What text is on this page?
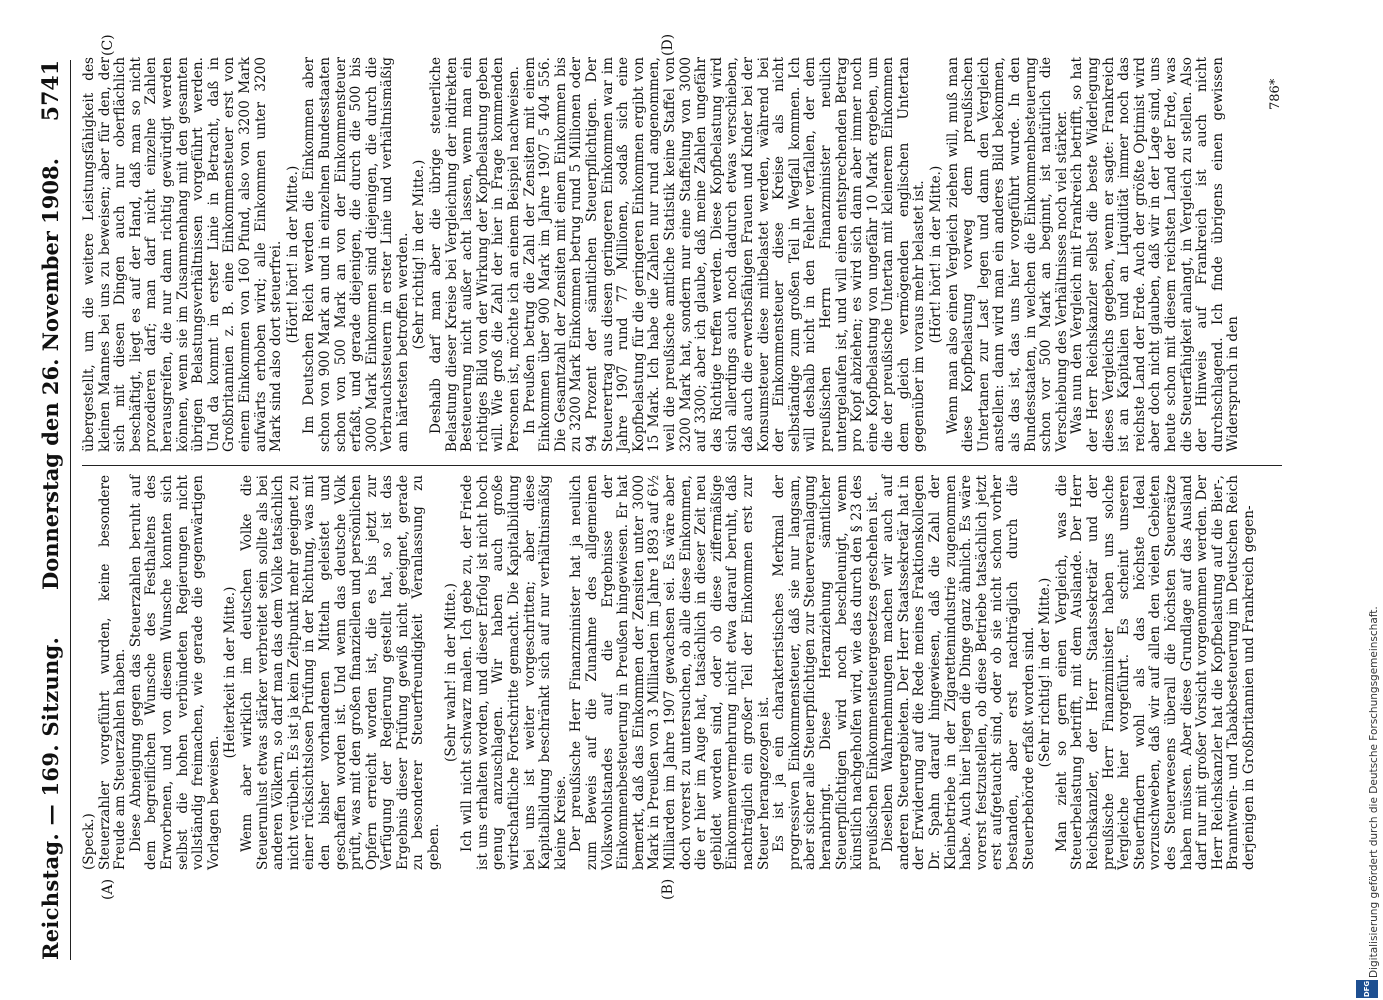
Reichstag. — 169. Sitzung.
Donnerstag den 26. November 1908.
5741
(A)	(B)
(C)	(D)

(Speck.) Steuerzahler vorgeführt wurden, keine besondere Freude am Steuerzahlen haben. Diese Abneigung gegen das Steuerzahlen beruht auf dem begreiflichen Wunsche des Festhaltens des Erworbenen, und von diesem Wunsche konnten sich selbst die hohen verbündeten Regierungen nicht vollständig freimachen, wie gerade die gegenwärtigen Vorlagen beweisen.

(Heiterkeit in der Mitte.) Wenn aber wirklich im deutschen Volke die Steuerunlust etwas stärker verbreitet sein sollte als bei anderen Völkern, so darf man das dem Volke tatsächlich nicht verübeln. Es ist ja kein Zeitpunkt mehr geeignet zu einer rücksichtslosen Prüfung in der Richtung, was mit den bisher vorhandenen Mitteln geleistet und geschaffen worden ist. Und wenn das deutsche Volk prüft, was mit den großen finanziellen und persönlichen Opfern erreicht worden ist, die es bis jetzt zur Verfügung der Regierung gestellt hat, so ist das Ergebnis dieser Prüfung gewiß nicht geeignet, gerade zu besonderer Steuerfreundigkeit Veranlassung zu geben.

(Sehr wahr! in der Mitte.) Ich will nicht schwarz malen. Ich gebe zu, der Friede ist uns erhalten worden, und dieser Erfolg ist nicht hoch genug anzuschlagen. Wir haben auch große wirtschaftliche Fortschritte gemacht. Die Kapitalbildung bei uns ist weiter vorgeschritten; aber diese Kapitalbildung beschränkt sich auf nur verhältnismäßig kleine Kreise. Der preußische Herr Finanzminister hat ja neulich zum Beweis auf die Zunahme des allgemeinen Volkswohlstandes auf die Ergebnisse der Einkommenbesteuerung in Preußen hingewiesen. Er hat bemerkt, daß das Einkommen der Zensiten unter 3000 Mark in Preußen von 3 Milliarden im Jahre 1893 auf 6½ Milliarden im Jahre 1907 gewachsen sei. Es wäre aber doch vorerst zu untersuchen, ob alle diese Einkommen, die er hier im Auge hat, tatsächlich in dieser Zeit neu gebildet worden sind, oder ob diese ziffermäßige Einkommenvermehrung nicht etwa darauf beruht, daß nachträglich ein großer Teil der Einkommen erst zur Steuer herangezogen ist. Es ist ja ein charakteristisches Merkmal der progressiven Einkommensteuer, daß sie nur langsam, aber sicher alle Steuerpflichtigen zur Steuerveranlagung heranbringt. Diese Heranziehung sämtlicher Steuerpflichtigen wird noch beschleunigt, wenn künstlich nachgeholfen wird, wie das durch den § 23 des preußischen Einkommensteuergesetzes geschehen ist. Dieselben Wahrnehmungen machen wir auch auf anderen Steuergebieten. Der Herr Staatssekretär hat in der Erwiderung auf die Rede meines Fraktionskollegen Dr. Spahn darauf hingewiesen, daß die Zahl der Kleinbetriebe in der Zigarettenindustrie zugenommen habe. Auch hier liegen die Dinge ganz ähnlich. Es wäre vorerst festzustellen, ob diese Betriebe tatsächlich jetzt erst aufgetaucht sind, oder ob sie nicht schon vorher bestanden, aber erst nachträglich durch die Steuerbehörde erfaßt worden sind. (Sehr richtig! in der Mitte.) Man zieht so gern einen Vergleich, was die Steuerbelastung betrifft, mit dem Auslande. Der Herr Reichskanzler, der Herr Staatssekretär und der preußische Herr Finanzminister haben uns solche Vergleiche hier vorgeführt. Es scheint unseren Steuerfindern wohl als das höchste Ideal vorzuschweben, daß wir auf allen den vielen Gebieten des Steuerwesens überall die höchsten Steuersätze haben müssen. Aber diese Grundlage auf das Ausland darf nur mit großer Vorsicht vorgenommen werden. Der Herr Reichskanzler hat die Kopfbelastung auf die Bier-, Branntwein- und Tabakbesteuerung im Deutschen Reich derjenigen in Großbritannien und Frankreich gegen-

übergestellt, um die weitere Leistungsfähigkeit des kleinen Mannes bei uns zu beweisen; aber für den, der sich mit diesen Dingen auch nur oberflächlich beschäftigt, liegt es auf der Hand, daß man so nicht prozedieren darf; man darf nicht einzelne Zahlen herausgreifen, die nur dann richtig gewürdigt werden können, wenn sie im Zusammenhang mit den gesamten übrigen Belastungsverhältnissen vorgeführt werden. Und da kommt in erster Linie in Betracht, daß in Großbritannien z. B. eine Einkommensteuer erst von einem Einkommen von 160 Pfund, also von 3200 Mark aufwärts erhoben wird; alle Einkommen unter 3200 Mark sind also dort steuerfrei. (Hört! hört! in der Mitte.) Im Deutschen Reich werden die Einkommen aber schon von 900 Mark an und in einzelnen Bundesstaaten schon von 500 Mark an von der Einkommensteuer erfaßt, und gerade diejenigen, die durch die 500 bis 3000 Mark Einkommen sind diejenigen, die durch die Verbrauchssteuern in erster Linie und verhältnismäßig am härtesten betroffen werden. (Sehr richtig! in der Mitte.) Deshalb darf man aber die übrige steuerliche Belastung dieser Kreise bei Vergleichung der indirekten Besteuerung nicht außer acht lassen, wenn man ein richtiges Bild von der Wirkung der Kopfbelastung geben will. Wie groß die Zahl der hier in Frage kommenden Personen ist, möchte ich an einem Beispiel nachweisen. In Preußen betrug die Zahl der Zensiten mit einem Einkommen über 900 Mark im Jahre 1907 5 404 556. Die Gesamtzahl der Zensiten mit einem Einkommen bis zu 3200 Mark Einkommen betrug rund 5 Millionen oder 94 Prozent der sämtlichen Steuerpflichtigen. Der Steuerertrag aus diesen geringeren Einkommen war im Jahre 1907 rund 77 Millionen, sodaß sich eine Kopfbelastung für die geringeren Einkommen ergibt von 15 Mark. Ich habe die Zahlen nur rund angenommen, weil die preußische amtliche Statistik keine Staffel von 3200 Mark hat, sondern nur eine Staffelung von 3000 auf 3300; aber ich glaube, daß meine Zahlen ungefähr das Richtige treffen werden. Diese Kopfbelastung wird sich allerdings auch noch dadurch etwas verschieben, daß auch die erwerbsfähigen Frauen und Kinder bei der Konsumsteuer diese mitbelastet werden, während bei der Einkommensteuer diese Kreise als nicht selbständige zum großen Teil in Wegfall kommen. Ich will deshalb nicht in den Fehler verfallen, der dem preußischen Herrn Finanzminister neulich untergelaufen ist, und will einen entsprechenden Betrag pro Kopf abziehen; es wird sich dann aber immer noch eine Kopfbelastung von ungefähr 10 Mark ergeben, um die der preußische Untertan mit kleinerem Einkommen dem gleich vermögenden englischen Untertan gegenüber im voraus mehr belastet ist. (Hört! hört! in der Mitte.) Wenn man also einen Vergleich ziehen will, muß man diese Kopfbelastung vorweg dem preußischen Untertanen zur Last legen und dann den Vergleich anstellen: dann wird man ein anderes Bild bekommen, als das ist, das uns hier vorgeführt wurde. In den Bundesstaaten, in welchen die Einkommenbesteuerung schon vor 500 Mark an beginnt, ist natürlich die Verschiebung des Verhältnisses noch viel stärker. Was nun den Vergleich mit Frankreich betrifft, so hat der Herr Reichskanzler selbst die beste Widerlegung dieses Vergleichs gegeben, wenn er sagte: Frankreich ist an Kapitalien und an Liquidität immer noch das reichste Land der Erde. Auch der größte Optimist wird aber doch nicht glauben, daß wir in der Lage sind, uns heute schon mit diesem reichsten Land der Erde, was die Steuerfähigkeit anlangt, in Vergleich zu stellen. Also der Hinweis auf Frankreich ist auch nicht durchschlagend. Ich finde übrigens einen gewissen Widerspruch in den

786*
DFG
Digitalisierung gefördert durch die Deutsche Forschungsgemeinschaft.
